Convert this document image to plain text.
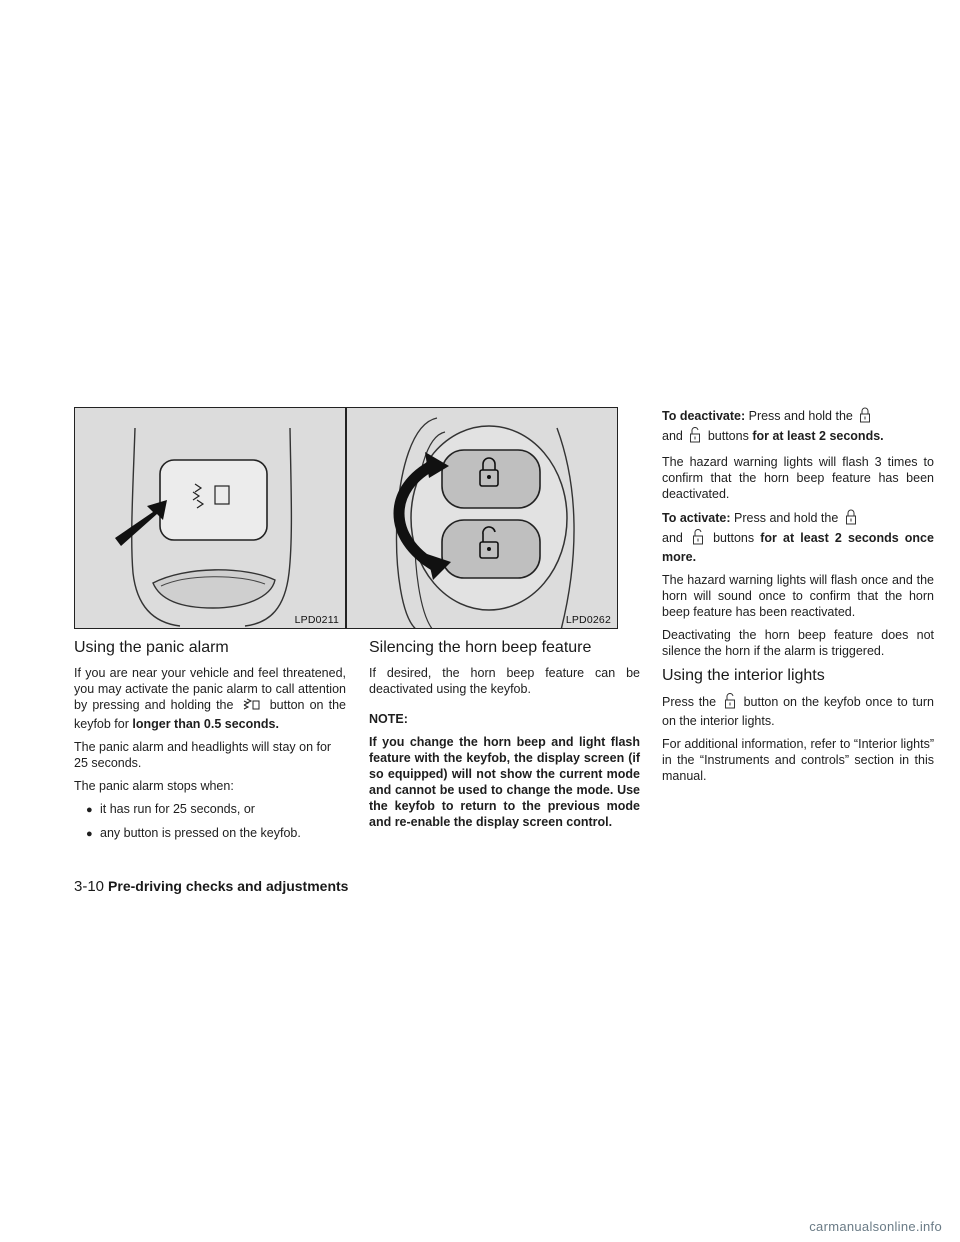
LPD0211	LPD0262
Using the panic alarm

If you are near your vehicle and feel threatened, you may activate the panic alarm to call attention by pressing and holding the	button on the keyfob for longer than 0.5 seconds.

The panic alarm and headlights will stay on for 25 seconds.

The panic alarm stops when:

● it has run for 25 seconds, or
● any button is pressed on the keyfob.
Silencing the horn beep feature

If desired, the horn beep feature can be deactivated using the keyfob.

NOTE:

If you change the horn beep and light flash feature with the keyfob, the display screen (if so equipped) will not show the current mode and cannot be used to change the mode. Use the keyfob to return to the previous mode and re-enable the display screen control.

To deactivate: Press and hold the
and buttons for at least 2 seconds.

The hazard warning lights will flash 3 times to confirm that the horn beep feature has been deactivated.

To activate: Press and hold the
and buttons for at least 2 seconds once more.

The hazard warning lights will flash once and the horn will sound once to confirm that the horn beep feature has been reactivated.

Deactivating the horn beep feature does not silence the horn if the alarm is triggered.

Using the interior lights

Press the button on the keyfob once to turn on the interior lights.

For additional information, refer to “Interior lights” in the “Instruments and controls” section in this manual.

3-10 Pre-driving checks and adjustments
carmanualsonline.info
